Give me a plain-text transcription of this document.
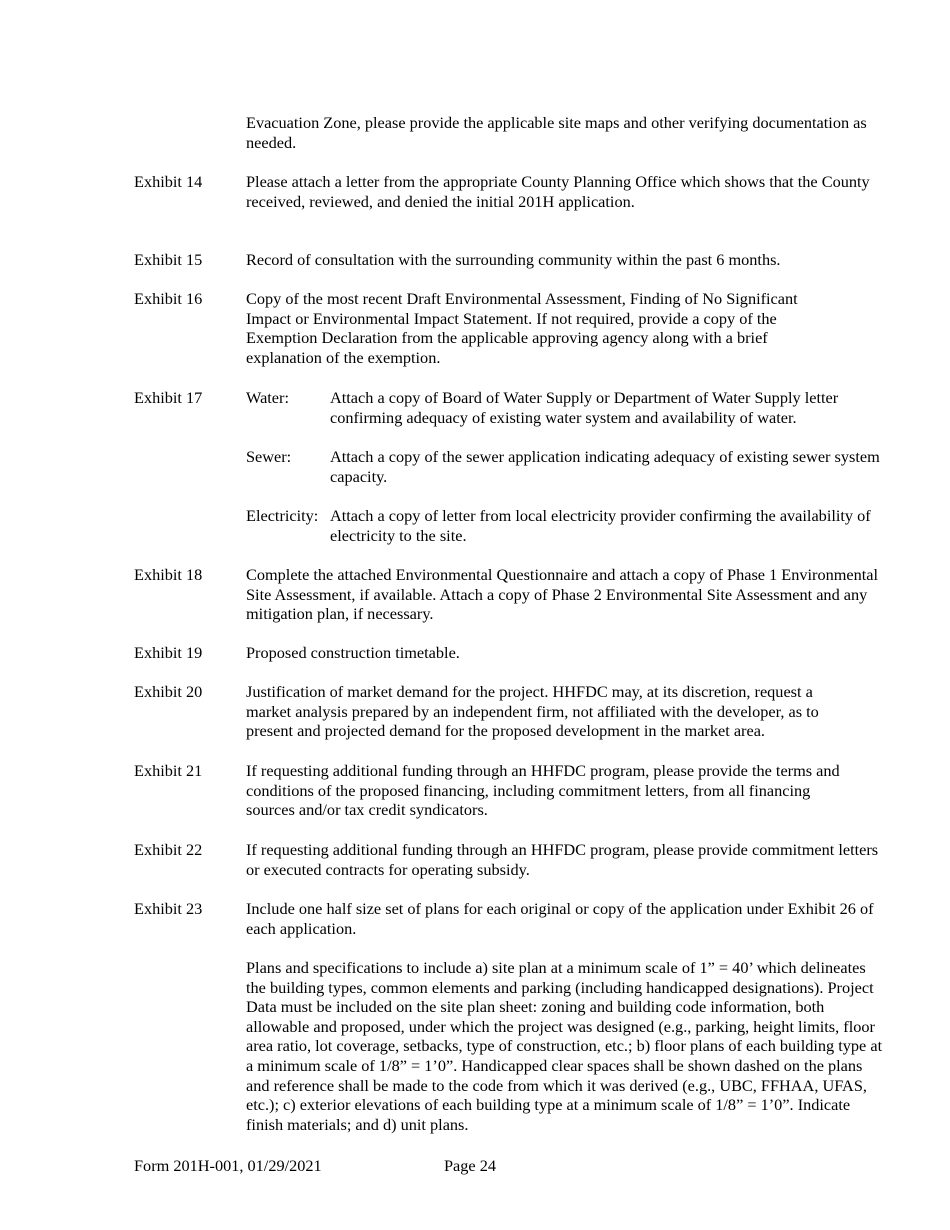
Evacuation Zone, please provide the applicable site maps and other verifying documentation as needed.
Exhibit 14	Please attach a letter from the appropriate County Planning Office which shows that the County received, reviewed, and denied the initial 201H application.
Exhibit 15	Record of consultation with the surrounding community within the past 6 months.
Exhibit 16	Copy of the most recent Draft Environmental Assessment, Finding of No Significant Impact or Environmental Impact Statement. If not required, provide a copy of the Exemption Declaration from the applicable approving agency along with a brief explanation of the exemption.
Exhibit 17	Water:	Attach a copy of Board of Water Supply or Department of Water Supply letter confirming adequacy of existing water system and availability of water.
Sewer: Attach a copy of the sewer application indicating adequacy of existing sewer system capacity.
Electricity: Attach a copy of letter from local electricity provider confirming the availability of electricity to the site.
Exhibit 18	Complete the attached Environmental Questionnaire and attach a copy of Phase 1 Environmental Site Assessment, if available. Attach a copy of Phase 2 Environmental Site Assessment and any mitigation plan, if necessary.
Exhibit 19	Proposed construction timetable.
Exhibit 20	Justification of market demand for the project. HHFDC may, at its discretion, request a market analysis prepared by an independent firm, not affiliated with the developer, as to present and projected demand for the proposed development in the market area.
Exhibit 21	If requesting additional funding through an HHFDC program, please provide the terms and conditions of the proposed financing, including commitment letters, from all financing sources and/or tax credit syndicators.
Exhibit 22	If requesting additional funding through an HHFDC program, please provide commitment letters or executed contracts for operating subsidy.
Exhibit 23	Include one half size set of plans for each original or copy of the application under Exhibit 26 of each application.
Plans and specifications to include a) site plan at a minimum scale of 1” = 40’ which delineates the building types, common elements and parking (including handicapped designations). Project Data must be included on the site plan sheet: zoning and building code information, both allowable and proposed, under which the project was designed (e.g., parking, height limits, floor area ratio, lot coverage, setbacks, type of construction, etc.; b) floor plans of each building type at a minimum scale of 1/8” = 1’0”. Handicapped clear spaces shall be shown dashed on the plans and reference shall be made to the code from which it was derived (e.g., UBC, FFHAA, UFAS, etc.); c) exterior elevations of each building type at a minimum scale of 1/8” = 1’0”. Indicate finish materials; and d) unit plans.
Form 201H-001, 01/29/2021	Page 24
